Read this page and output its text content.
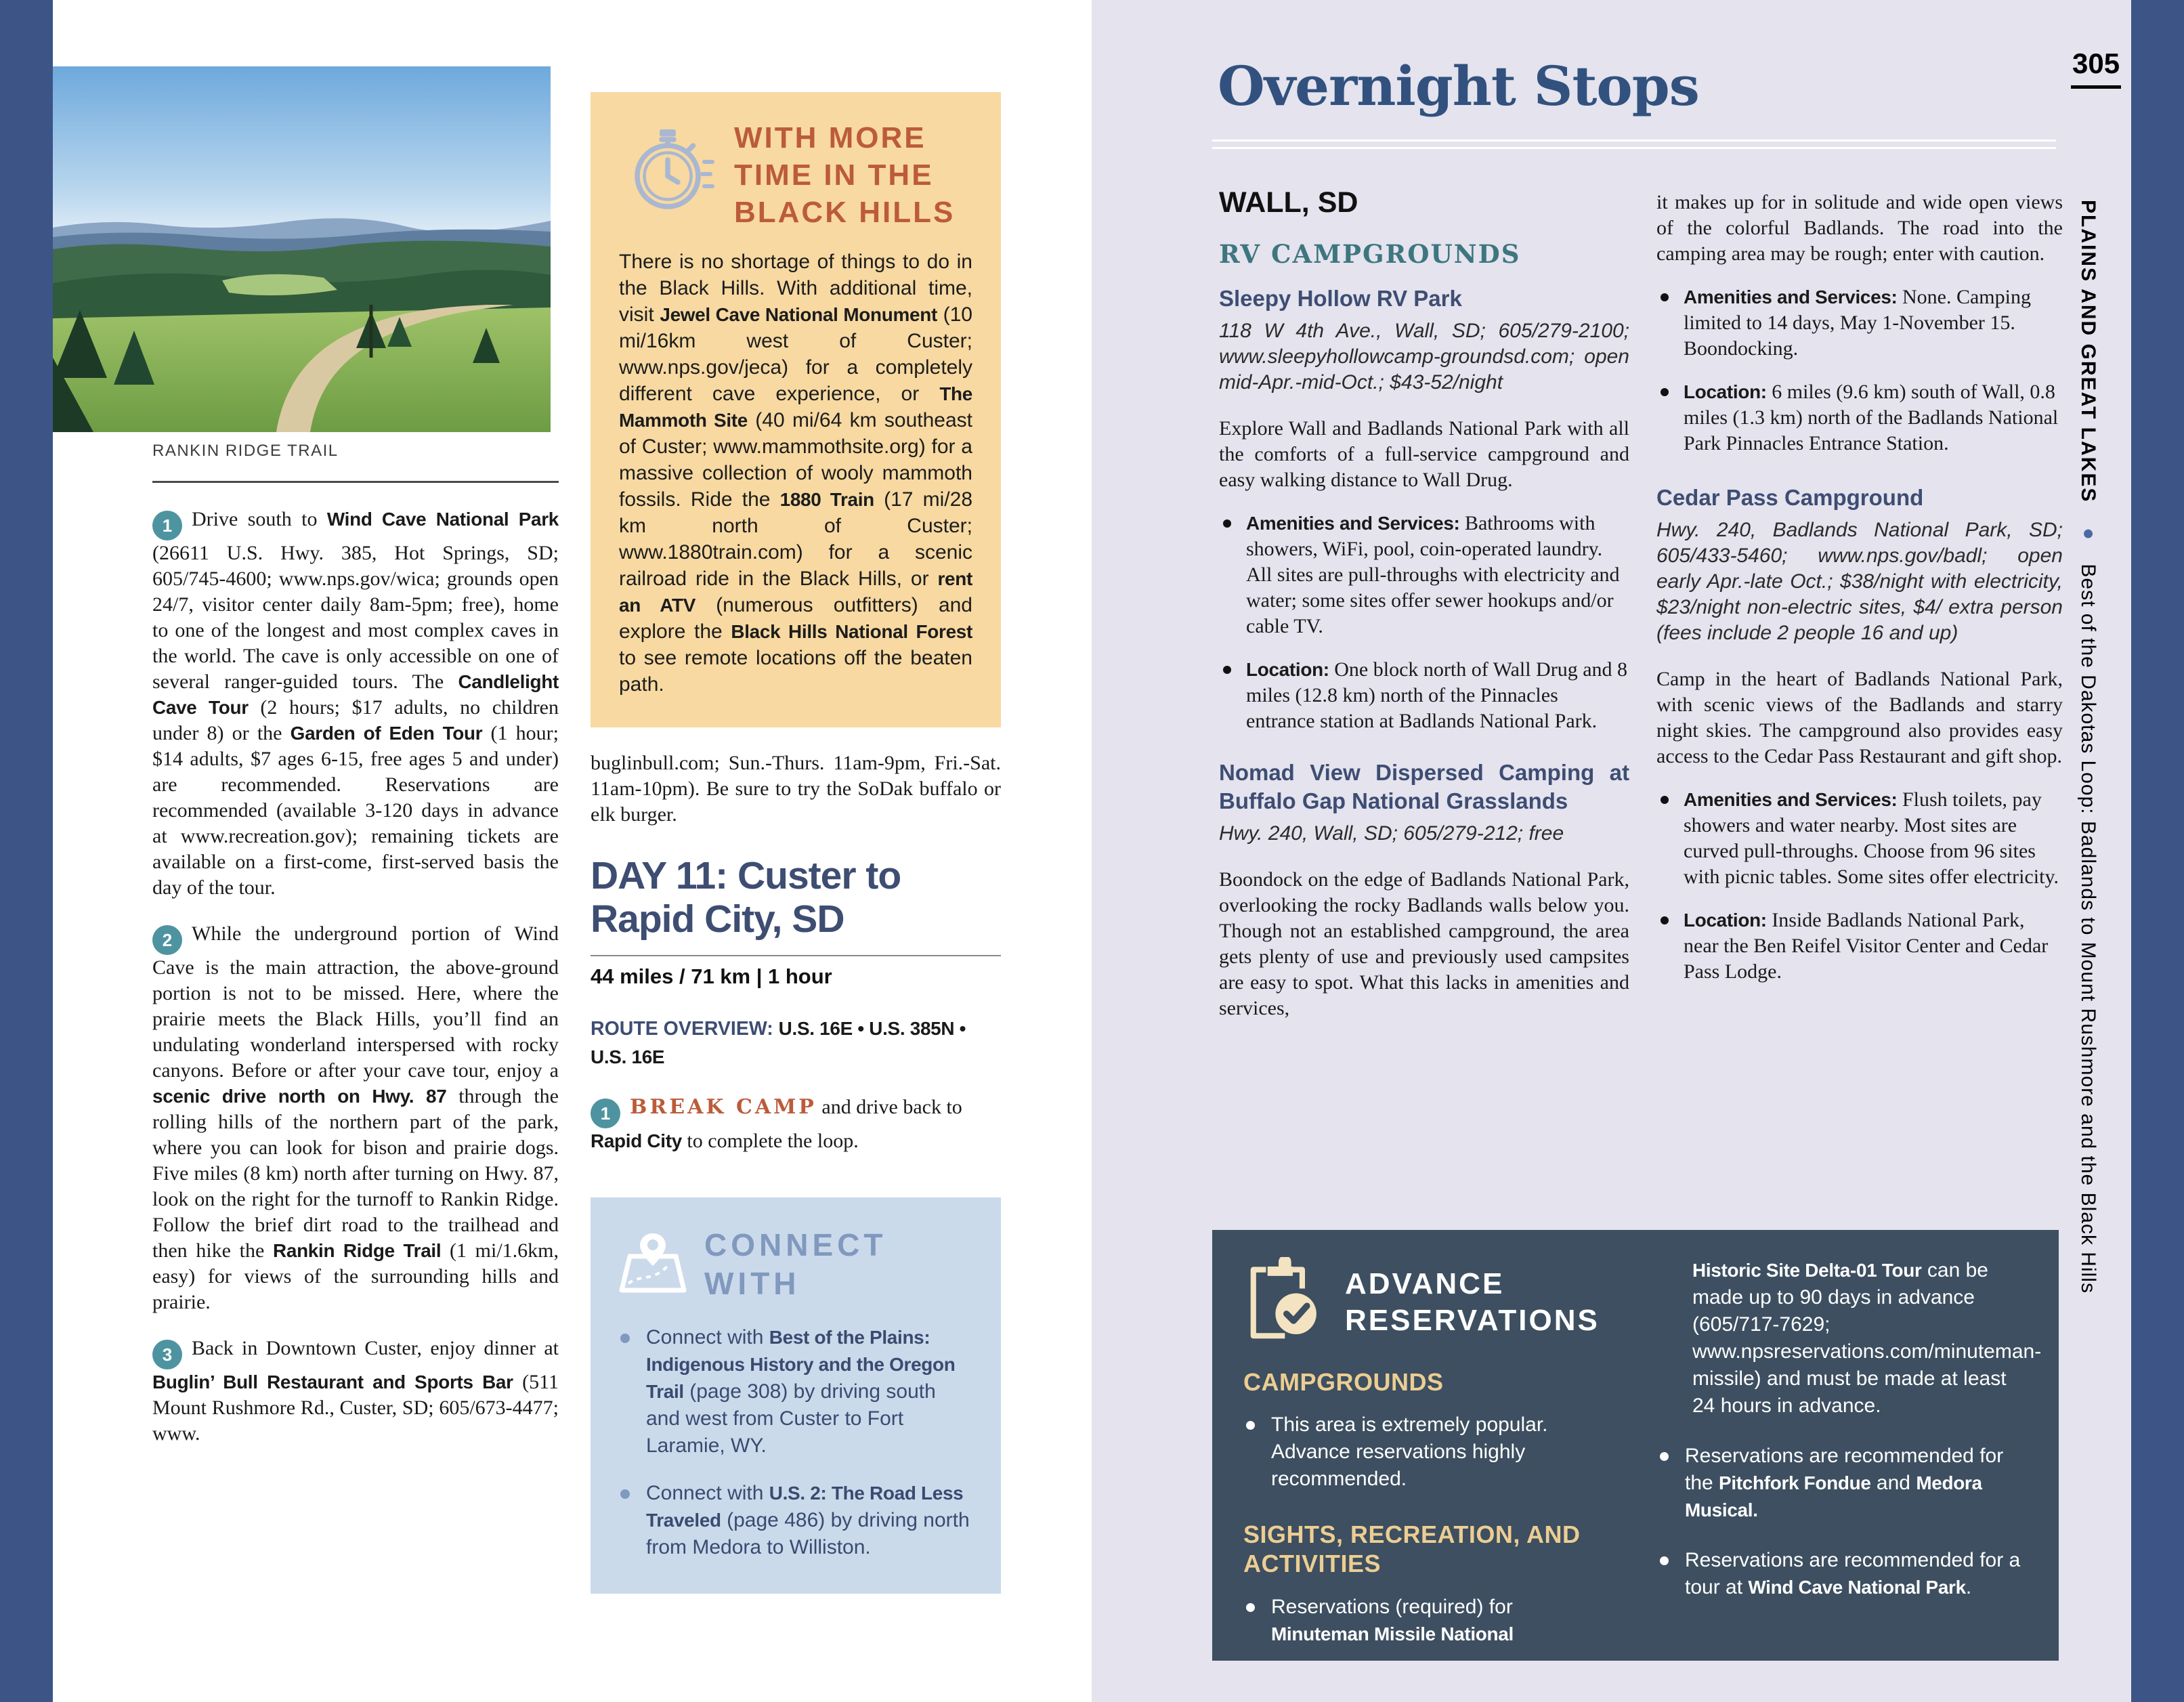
RANKIN RIDGE TRAIL

1 Drive south to Wind Cave National Park (26611 U.S. Hwy. 385, Hot Springs, SD; 605/745-4600; www.nps.gov/wica; grounds open 24/7, visitor center daily 8am-5pm; free), home to one of the longest and most complex caves in the world. The cave is only accessible on one of several ranger-guided tours. The Candlelight Cave Tour (2 hours; $17 adults, no children under 8) or the Garden of Eden Tour (1 hour; $14 adults, $7 ages 6-15, free ages 5 and under) are recommended. Reservations are recommended (available 3-120 days in advance at www.recreation.gov); remaining tickets are available on a first-come, first-served basis the day of the tour.

2 While the underground portion of Wind Cave is the main attraction, the above-ground portion is not to be missed. Here, where the prairie meets the Black Hills, you’ll find an undulating wonderland interspersed with rocky canyons. Before or after your cave tour, enjoy a scenic drive north on Hwy. 87 through the rolling hills of the northern part of the park, where you can look for bison and prairie dogs. Five miles (8 km) north after turning on Hwy. 87, look on the right for the turnoff to Rankin Ridge. Follow the brief dirt road to the trailhead and then hike the Rankin Ridge Trail (1 mi/1.6km, easy) for views of the surrounding hills and prairie.

3 Back in Downtown Custer, enjoy dinner at Buglin’ Bull Restaurant and Sports Bar (511 Mount Rushmore Rd., Custer, SD; 605/673-4477; www.

WITH MORE
TIME IN THE
BLACK HILLS
There is no shortage of things to do in the Black Hills. With additional time, visit Jewel Cave National Monument (10 mi/16km west of Custer; www.nps.gov/jeca) for a completely different cave experience, or The Mammoth Site (40 mi/64 km southeast of Custer; www.mammothsite.org) for a massive collection of wooly mammoth fossils. Ride the 1880 Train (17 mi/28 km north of Custer; www.1880train.com) for a scenic railroad ride in the Black Hills, or rent an ATV (numerous outfitters) and explore the Black Hills National Forest to see remote locations off the beaten path.
buglinbull.com; Sun.-Thurs. 11am-9pm, Fri.-Sat. 11am-10pm). Be sure to try the SoDak buffalo or elk burger.
DAY 11: Custer to
Rapid City, SD
44 miles / 71 km | 1 hour
ROUTE OVERVIEW: U.S. 16E • U.S. 385N • U.S. 16E
1 BREAK CAMP and drive back to Rapid City to complete the loop.
CONNECT WITH
Connect with Best of the Plains: Indigenous History and the Oregon Trail (page 308) by driving south and west from Custer to Fort Laramie, WY.
Connect with U.S. 2: The Road Less Traveled (page 486) by driving north from Medora to Williston.
Overnight Stops
WALL, SD
RV CAMPGROUNDS
Sleepy Hollow RV Park
118 W 4th Ave., Wall, SD; 605/279-2100; www.sleepyhollowcamp-groundsd.com; open mid-Apr.-mid-Oct.; $43-52/night
Explore Wall and Badlands National Park with all the comforts of a full-service campground and easy walking distance to Wall Drug.
Amenities and Services: Bathrooms with showers, WiFi, pool, coin-operated laundry. All sites are pull-throughs with electricity and water; some sites offer sewer hookups and/or cable TV.
Location: One block north of Wall Drug and 8 miles (12.8 km) north of the Pinnacles entrance station at Badlands National Park.
Nomad View Dispersed Camping at Buffalo Gap National Grasslands
Hwy. 240, Wall, SD; 605/279-212; free
Boondock on the edge of Badlands National Park, overlooking the rocky Badlands walls below you. Though not an established campground, the area gets plenty of use and previously used campsites are easy to spot. What this lacks in amenities and services,
it makes up for in solitude and wide open views of the colorful Badlands. The road into the camping area may be rough; enter with caution.
Amenities and Services: None. Camping limited to 14 days, May 1-November 15. Boondocking.
Location: 6 miles (9.6 km) south of Wall, 0.8 miles (1.3 km) north of the Badlands National Park Pinnacles Entrance Station.
Cedar Pass Campground
Hwy. 240, Badlands National Park, SD; 605/433-5460; www.nps.gov/badl; open early Apr.-late Oct.; $38/night with electricity, $23/night non-electric sites, $4/ extra person (fees include 2 people 16 and up)
Camp in the heart of Badlands National Park, with scenic views of the Badlands and starry night skies. The campground also provides easy access to the Cedar Pass Restaurant and gift shop.
Amenities and Services: Flush toilets, pay showers and water nearby. Most sites are curved pull-throughs. Choose from 96 sites with picnic tables. Some sites offer electricity.
Location: Inside Badlands National Park, near the Ben Reifel Visitor Center and Cedar Pass Lodge.
ADVANCE
RESERVATIONS
CAMPGROUNDS
This area is extremely popular. Advance reservations highly recommended.
SIGHTS, RECREATION, AND ACTIVITIES
Reservations (required) for Minuteman Missile National
Historic Site Delta-01 Tour can be made up to 90 days in advance (605/717-7629; www.npsreservations.com/minuteman-missile) and must be made at least 24 hours in advance.
Reservations are recommended for the Pitchfork Fondue and Medora Musical.
Reservations are recommended for a tour at Wind Cave National Park.
305
PLAINS AND GREAT LAKES   ●   Best of the Dakotas Loop: Badlands to Mount Rushmore and the Black Hills
